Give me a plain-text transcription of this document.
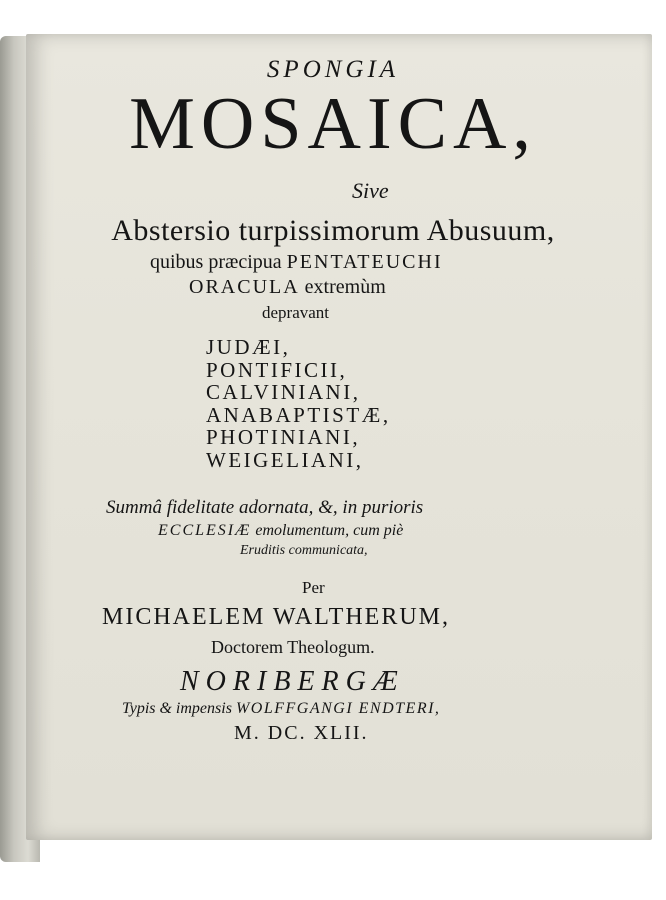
SPONGIA
MOSAICA,
Sive
Abstersio turpissimorum Abusuum,
quibus præcipua PENTATEUCHI
ORACULA extremùm
depravant
JUDÆI,
PONTIFICII,
CALVINIANI,
ANABAPTISTÆ,
PHOTINIANI,
WEIGELIANI,
Summâ fidelitate adornata, &, in purioris
ECCLESIÆ emolumentum, cum piè
Eruditis communicata,
Per
MICHAELEM WALTHERUM,
Doctorem Theologum.
NORIBERGÆ
Typis & impensis WOLFFGANGI ENDTERI,
M. DC. XLII.
